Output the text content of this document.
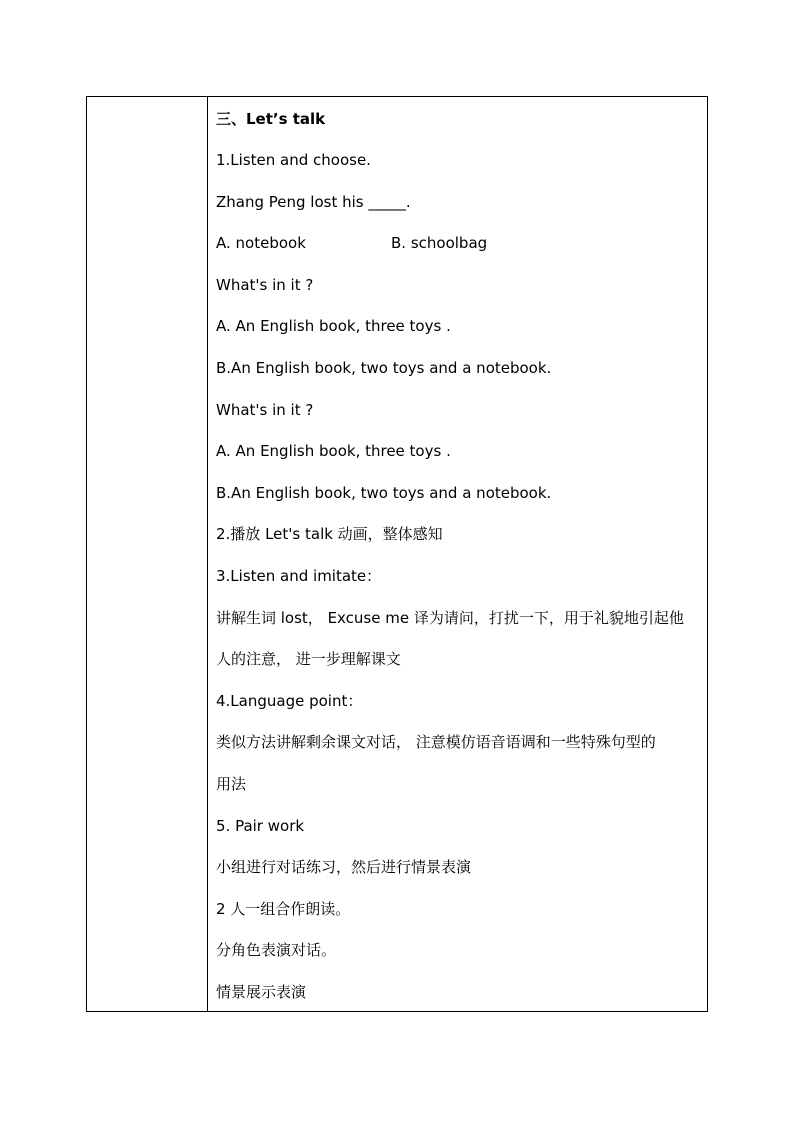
三、Let’s talk
1.Listen and choose.
Zhang Peng lost his _____.
A. notebook	B. schoolbag
What's in it ?
A. An English book, three toys .
B.An English book, two toys and a notebook.
What's in it ?
A. An English book, three toys .
B.An English book, two toys and a notebook.
2.播放 Let's talk 动画，整体感知
3.Listen and imitate：
讲解生词 lost， Excuse me 译为请问，打扰一下，用于礼貌地引起他
人的注意， 进一步理解课文
4.Language point：
类似方法讲解剩余课文对话， 注意模仿语音语调和一些特殊句型的
用法
5. Pair work
小组进行对话练习，然后进行情景表演
2 人一组合作朗读。
分角色表演对话。
情景展示表演
